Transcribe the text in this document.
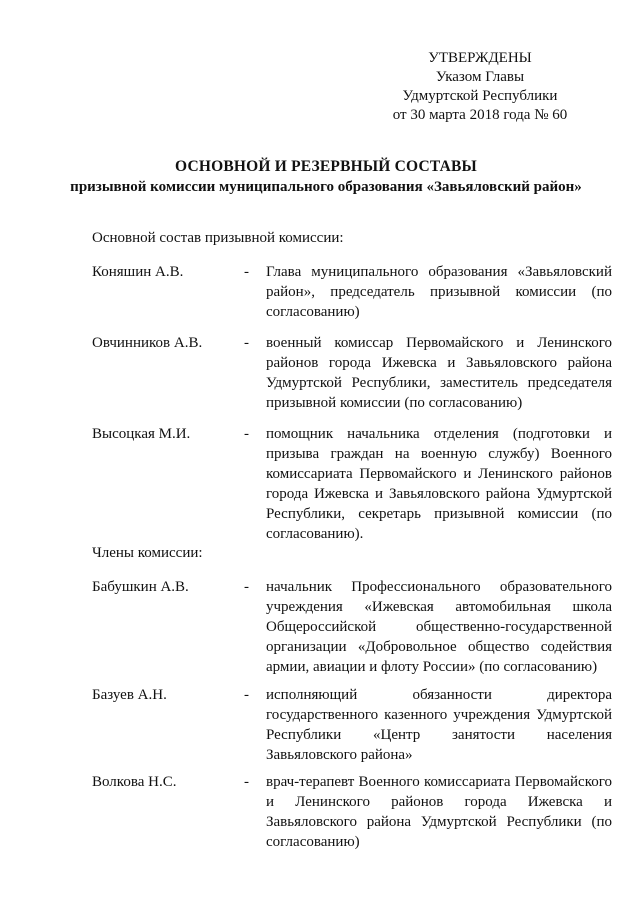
УТВЕРЖДЕНЫ
Указом Главы
Удмуртской Республики
от 30 марта 2018 года № 60
ОСНОВНОЙ И РЕЗЕРВНЫЙ СОСТАВЫ
призывной комиссии муниципального образования «Завьяловский район»
Основной состав призывной комиссии:
Коняшин А.В.	- Глава муниципального образования «Завьяловский район», председатель призывной комиссии (по согласованию)
Овчинников А.В.	- военный комиссар Первомайского и Ленинского районов города Ижевска и Завьяловского района Удмуртской Республики, заместитель председателя призывной комиссии (по согласованию)
Высоцкая М.И.	- помощник начальника отделения (подготовки и призыва граждан на военную службу) Военного комиссариата Первомайского и Ленинского районов города Ижевска и Завьяловского района Удмуртской Республики, секретарь призывной комиссии (по согласованию).
Члены комиссии:
Бабушкин А.В.	- начальник Профессионального образовательного учреждения «Ижевская автомобильная школа Общероссийской общественно-государственной организации «Добровольное общество содействия армии, авиации и флоту России» (по согласованию)
Базуев А.Н.	- исполняющий обязанности директора государственного казенного учреждения Удмуртской Республики «Центр занятости населения Завьяловского района»
Волкова Н.С.	- врач-терапевт Военного комиссариата Первомайского и Ленинского районов города Ижевска и Завьяловского района Удмуртской Республики (по согласованию)
